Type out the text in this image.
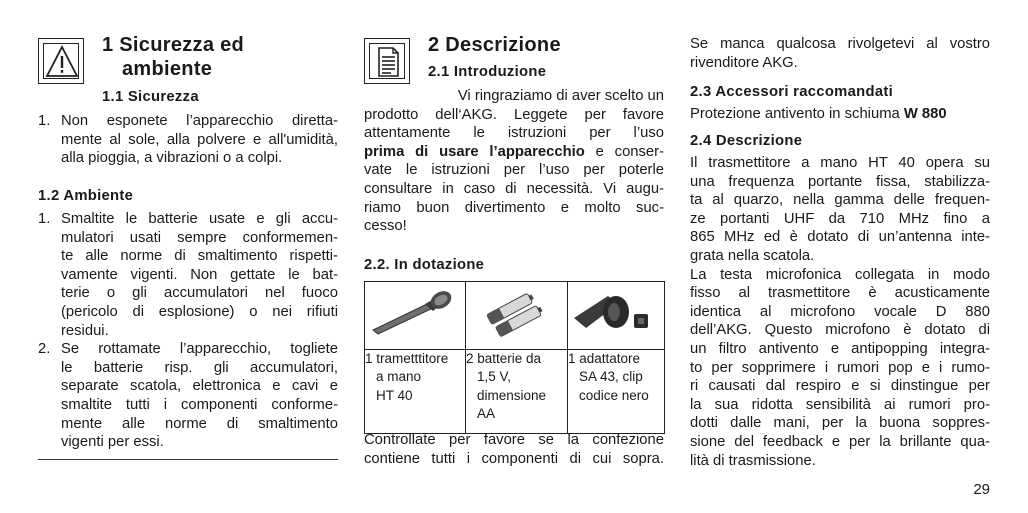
1 Sicurezza ed
ambiente
1.1 Sicurezza
1. Non esponete l’apparecchio diretta-
mente al sole, alla polvere e all'umidità,
alla pioggia, a vibrazioni o a colpi.
1.2 Ambiente
1. Smaltite le batterie usate e gli accu-
mulatori usati sempre conformemen-
te alle norme di smaltimento rispetti-
vamente vigenti. Non gettate le bat-
terie o gli accumulatori nel fuoco
(pericolo di esplosione) o nei rifiuti
residui.
2. Se rottamate l’apparecchio, togliete
le batterie risp. gli accumulatori,
separate scatola, elettronica e cavi e
smaltite tutti i componenti conforme-
mente alle norme di smaltimento
vigenti per essi.
2 Descrizione
2.1 Introduzione
Vi ringraziamo di aver scelto un
prodotto dell‘AKG. Leggete per favore
attentamente le istruzioni per l’uso
prima di usare l’apparecchio e conser-
vate le istruzioni per l’uso per poterle
consultare in caso di necessità. Vi augu-
riamo buon divertimento e molto suc-
cesso!
2.2. In dotazione

1 trametttitore
a mano
HT 40	2 batterie da
1,5 V,
dimensione
AA	1 adattatore
SA 43, clip
codice nero
Controllate per favore se la confezione
contiene tutti i componenti di cui sopra.
Se manca qualcosa rivolgetevi al vostro
rivenditore AKG.
2.3 Accessori raccomandati
Protezione antivento in schiuma W 880
2.4 Descrizione
Il trasmettitore a mano HT 40 opera su
una frequenza portante fissa, stabilizza-
ta al quarzo, nella gamma delle frequen-
ze portanti UHF da 710 MHz fino a
865 MHz ed è dotato di un’antenna inte-
grata nella scatola.
La testa microfonica collegata in modo
fisso al trasmettitore è acusticamente
identica al microfono vocale D 880
dell’AKG. Questo microfono è dotato di
un filtro antivento e antipopping integra-
to per sopprimere i rumori pop e i rumo-
ri causati dal respiro e si dinstingue per
la sua ridotta sensibilità ai rumori pro-
dotti dalle mani, per la buona soppres-
sione del feedback e per la brillante qua-
lità di trasmissione.
29
